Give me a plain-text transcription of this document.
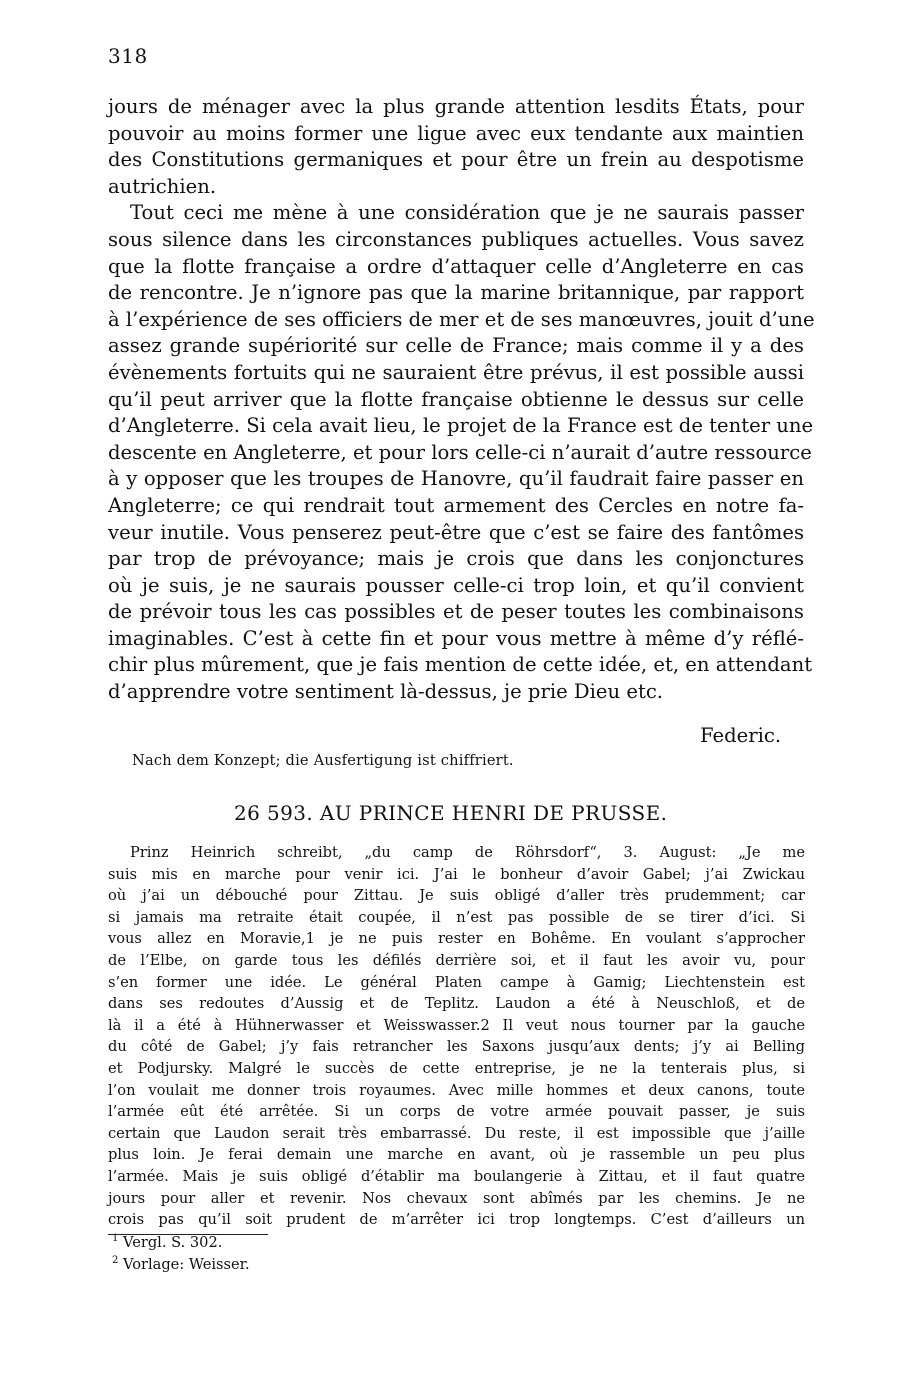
318
jours de ménager avec la plus grande attention lesdits États, pour
pouvoir au moins former une ligue avec eux tendante aux maintien
des Constitutions germaniques et pour être un frein au despotisme
autrichien.
Tout ceci me mène à une considération que je ne saurais passer
sous silence dans les circonstances publiques actuelles. Vous savez
que la flotte française a ordre d’attaquer celle d’Angleterre en cas
de rencontre. Je n’ignore pas que la marine britannique, par rapport
à l’expérience de ses officiers de mer et de ses manœuvres, jouit d’une
assez grande supériorité sur celle de France; mais comme il y a des
évènements fortuits qui ne sauraient être prévus, il est possible aussi
qu’il peut arriver que la flotte française obtienne le dessus sur celle
d’Angleterre. Si cela avait lieu, le projet de la France est de tenter une
descente en Angleterre, et pour lors celle-ci n’aurait d’autre ressource
à y opposer que les troupes de Hanovre, qu’il faudrait faire passer en
Angleterre; ce qui rendrait tout armement des Cercles en notre fa-
veur inutile. Vous penserez peut-être que c’est se faire des fantômes
par trop de prévoyance; mais je crois que dans les conjonctures
où je suis, je ne saurais pousser celle-ci trop loin, et qu’il convient
de prévoir tous les cas possibles et de peser toutes les combinaisons
imaginables. C’est à cette fin et pour vous mettre à même d’y réflé-
chir plus mûrement, que je fais mention de cette idée, et, en attendant
d’apprendre votre sentiment là-dessus, je prie Dieu etc.
Federic.
Nach dem Konzept; die Ausfertigung ist chiffriert.
26 593. AU PRINCE HENRI DE PRUSSE.
Prinz Heinrich schreibt, „du camp de Röhrsdorf“, 3. August: „Je me
suis mis en marche pour venir ici. J’ai le bonheur d’avoir Gabel; j’ai Zwickau
où j’ai un débouché pour Zittau. Je suis obligé d’aller très prudemment; car
si jamais ma retraite était coupée, il n’est pas possible de se tirer d’ici. Si
vous allez en Moravie,1 je ne puis rester en Bohême. En voulant s’approcher
de l’Elbe, on garde tous les défilés derrière soi, et il faut les avoir vu, pour
s’en former une idée. Le général Platen campe à Gamig; Liechtenstein est
dans ses redoutes d’Aussig et de Teplitz. Laudon a été à Neuschloß, et de
là il a été à Hühnerwasser et Weisswasser.2 Il veut nous tourner par la gauche
du côté de Gabel; j’y fais retrancher les Saxons jusqu’aux dents; j’y ai Belling
et Podjursky. Malgré le succès de cette entreprise, je ne la tenterais plus, si
l’on voulait me donner trois royaumes. Avec mille hommes et deux canons, toute
l’armée eût été arrêtée. Si un corps de votre armée pouvait passer, je suis
certain que Laudon serait très embarrassé. Du reste, il est impossible que j’aille
plus loin. Je ferai demain une marche en avant, où je rassemble un peu plus
l’armée. Mais je suis obligé d’établir ma boulangerie à Zittau, et il faut quatre
jours pour aller et revenir. Nos chevaux sont abîmés par les chemins. Je ne
crois pas qu’il soit prudent de m’arrêter ici trop longtemps. C’est d’ailleurs un
$^1$ Vergl. S. 302.
$^2$ Vorlage: Weisser.
